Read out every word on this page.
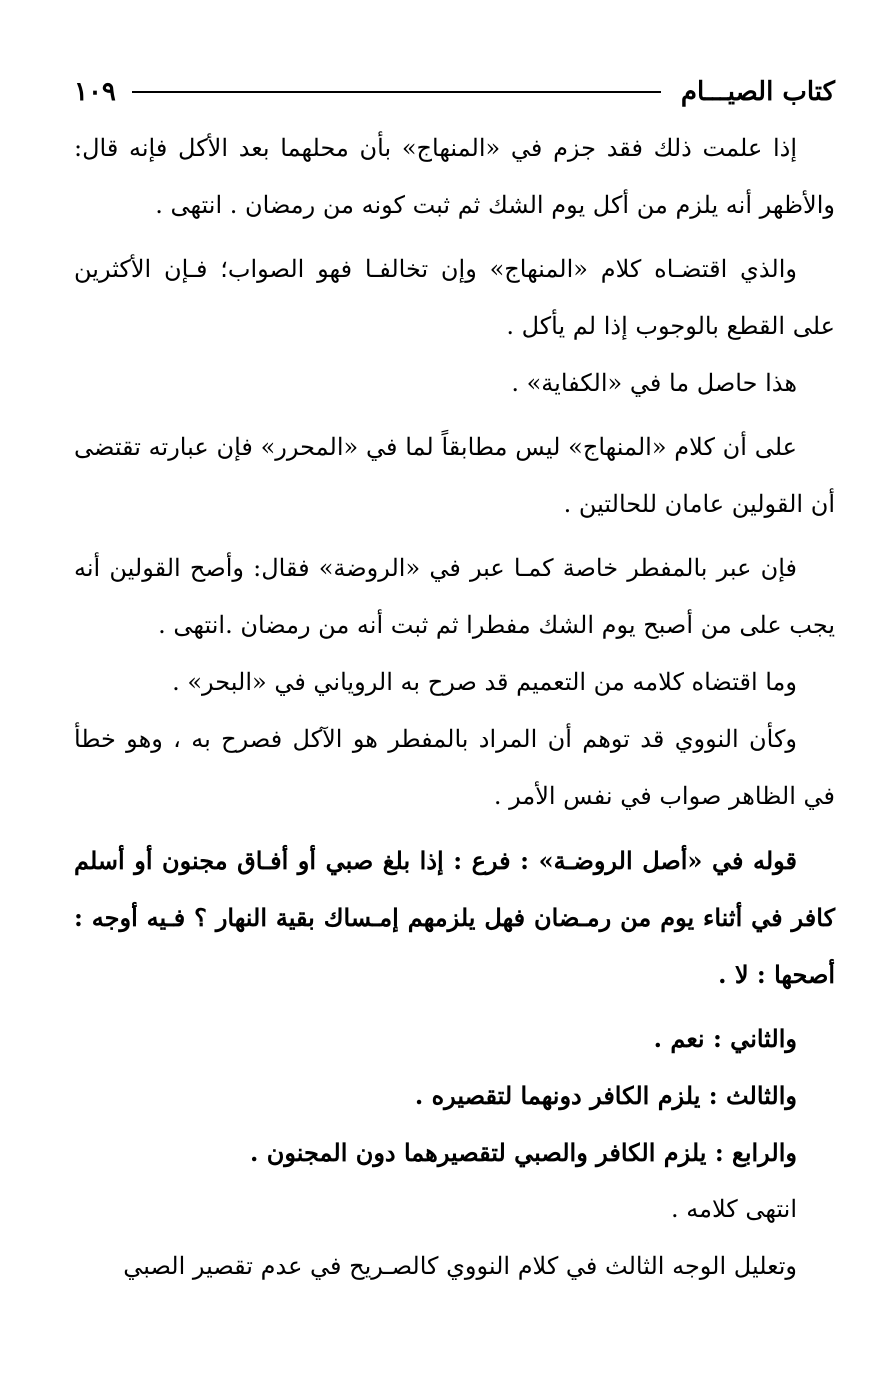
كتاب الصيـــام
١٠٩

إذا علمت ذلك فقد جزم في «المنهاج» بأن محلهما بعد الأكل فإنه قال: والأظهر أنه يلزم من أكل يوم الشك ثم ثبت كونه من رمضان . انتهى .

والذي اقتضـاه كلام «المنهاج» وإن تخالفـا فهو الصواب؛ فـإن الأكثرين على القطع بالوجوب إذا لم يأكل .

هذا حاصل ما في «الكفاية» .

على أن كلام «المنهاج» ليس مطابقاً لما في «المحرر» فإن عبارته تقتضى أن القولين عامان للحالتين .

فإن عبر بالمفطر خاصة كمـا عبر في «الروضة» فقال: وأصح القولين أنه يجب على من أصبح يوم الشك مفطرا ثم ثبت أنه من رمضان .انتهى .

وما اقتضاه كلامه من التعميم قد صرح به الروياني في «البحر» .

وكأن النووي قد توهم أن المراد بالمفطر هو الآكل فصرح به ، وهو خطأ في الظاهر صواب في نفس الأمر .

قوله في «أصل الروضـة» : فرع : إذا بلغ صبي أو أفـاق مجنون أو أسلم كافر في أثناء يوم من رمـضان فهل يلزمهم إمـساك بقية النهار ؟ فـيه أوجه : أصحها : لا .

والثاني : نعم .

والثالث : يلزم الكافر دونهما لتقصيره .

والرابع : يلزم الكافر والصبي لتقصيرهما دون المجنون .

انتهى كلامه .

وتعليل الوجه الثالث في كلام النووي كالصـريح في عدم تقصير الصبي
